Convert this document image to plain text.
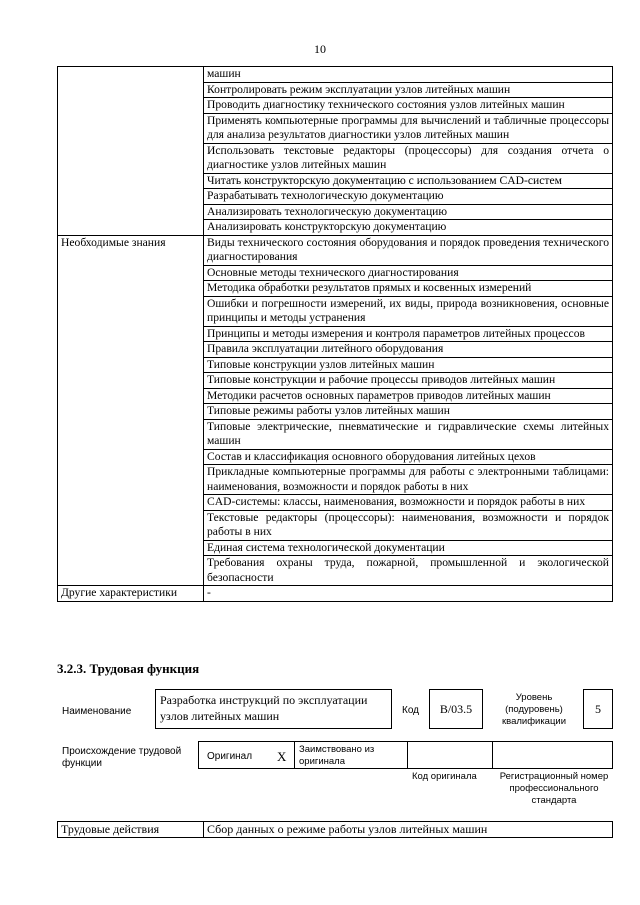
10
	машин
	Контролировать режим эксплуатации узлов литейных машин
	Проводить диагностику технического состояния узлов литейных машин
	Применять компьютерные программы для вычислений и табличные процессоры для анализа результатов диагностики узлов литейных машин
	Использовать текстовые редакторы (процессоры) для создания отчета о диагностике узлов литейных машин
	Читать конструкторскую документацию с использованием CAD-систем
	Разрабатывать технологическую документацию
	Анализировать технологическую документацию
	Анализировать конструкторскую документацию
Необходимые знания	Виды технического состояния оборудования и порядок проведения технического диагностирования
	Основные методы технического диагностирования
	Методика обработки результатов прямых и косвенных измерений
	Ошибки и погрешности измерений, их виды, природа возникновения, основные принципы и методы устранения
	Принципы и методы измерения и контроля параметров литейных процессов
	Правила эксплуатации литейного оборудования
	Типовые конструкции узлов литейных машин
	Типовые конструкции и рабочие процессы приводов литейных машин
	Методики расчетов основных параметров приводов литейных машин
	Типовые режимы работы узлов литейных машин
	Типовые электрические, пневматические и гидравлические схемы литейных машин
	Состав и классификация основного оборудования литейных цехов
	Прикладные компьютерные программы для работы с электронными таблицами: наименования, возможности и порядок работы в них
	CAD-системы: классы, наименования, возможности и порядок работы в них
	Текстовые редакторы (процессоры): наименования, возможности и порядок работы в них
	Единая система технологической документации
	Требования охраны труда, пожарной, промышленной и экологической безопасности
Другие характеристики	-
3.2.3. Трудовая функция
Наименование
Разработка инструкций по эксплуатации узлов литейных машин	Код	B/03.5
Уровень (подуровень) квалификации
5
Происхождение трудовой функции
Оригинал X Заимствовано из оригинала
Код оригинала	Регистрационный номер профессионального стандарта
Трудовые действия	Сбор данных о режиме работы узлов литейных машин
